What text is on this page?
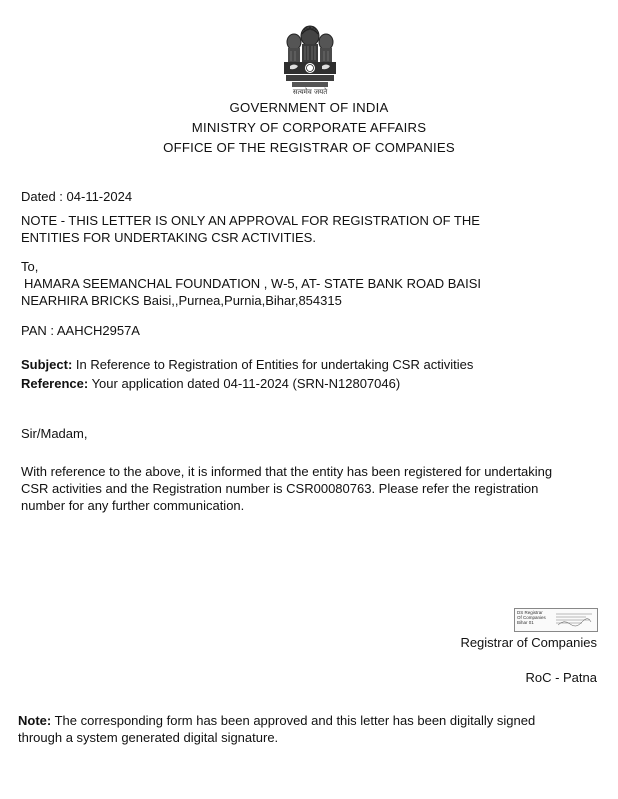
सत्यमेव जयते
GOVERNMENT OF INDIA
MINISTRY OF CORPORATE AFFAIRS
OFFICE OF THE REGISTRAR OF COMPANIES
Dated : 04-11-2024
NOTE - THIS LETTER IS ONLY AN APPROVAL FOR REGISTRATION OF THE
ENTITIES FOR UNDERTAKING CSR ACTIVITIES.
To,
HAMARA SEEMANCHAL FOUNDATION , W-5, AT- STATE BANK ROAD BAISI
NEARHIRA BRICKS Baisi,,Purnea,Purnia,Bihar,854315
PAN : AAHCH2957A
Subject: In Reference to Registration of Entities for undertaking CSR activities
Reference: Your application dated 04-11-2024 (SRN-N12807046)
Sir/Madam,
With reference to the above, it is informed that the entity has been registered for undertaking
CSR activities and the Registration number is CSR00080763. Please refer the registration
number for any further communication.
DS Registrar
Of Companies
Bihar 01
Registrar of Companies
RoC - Patna
Note: The corresponding form has been approved and this letter has been digitally signed
through a system generated digital signature.
